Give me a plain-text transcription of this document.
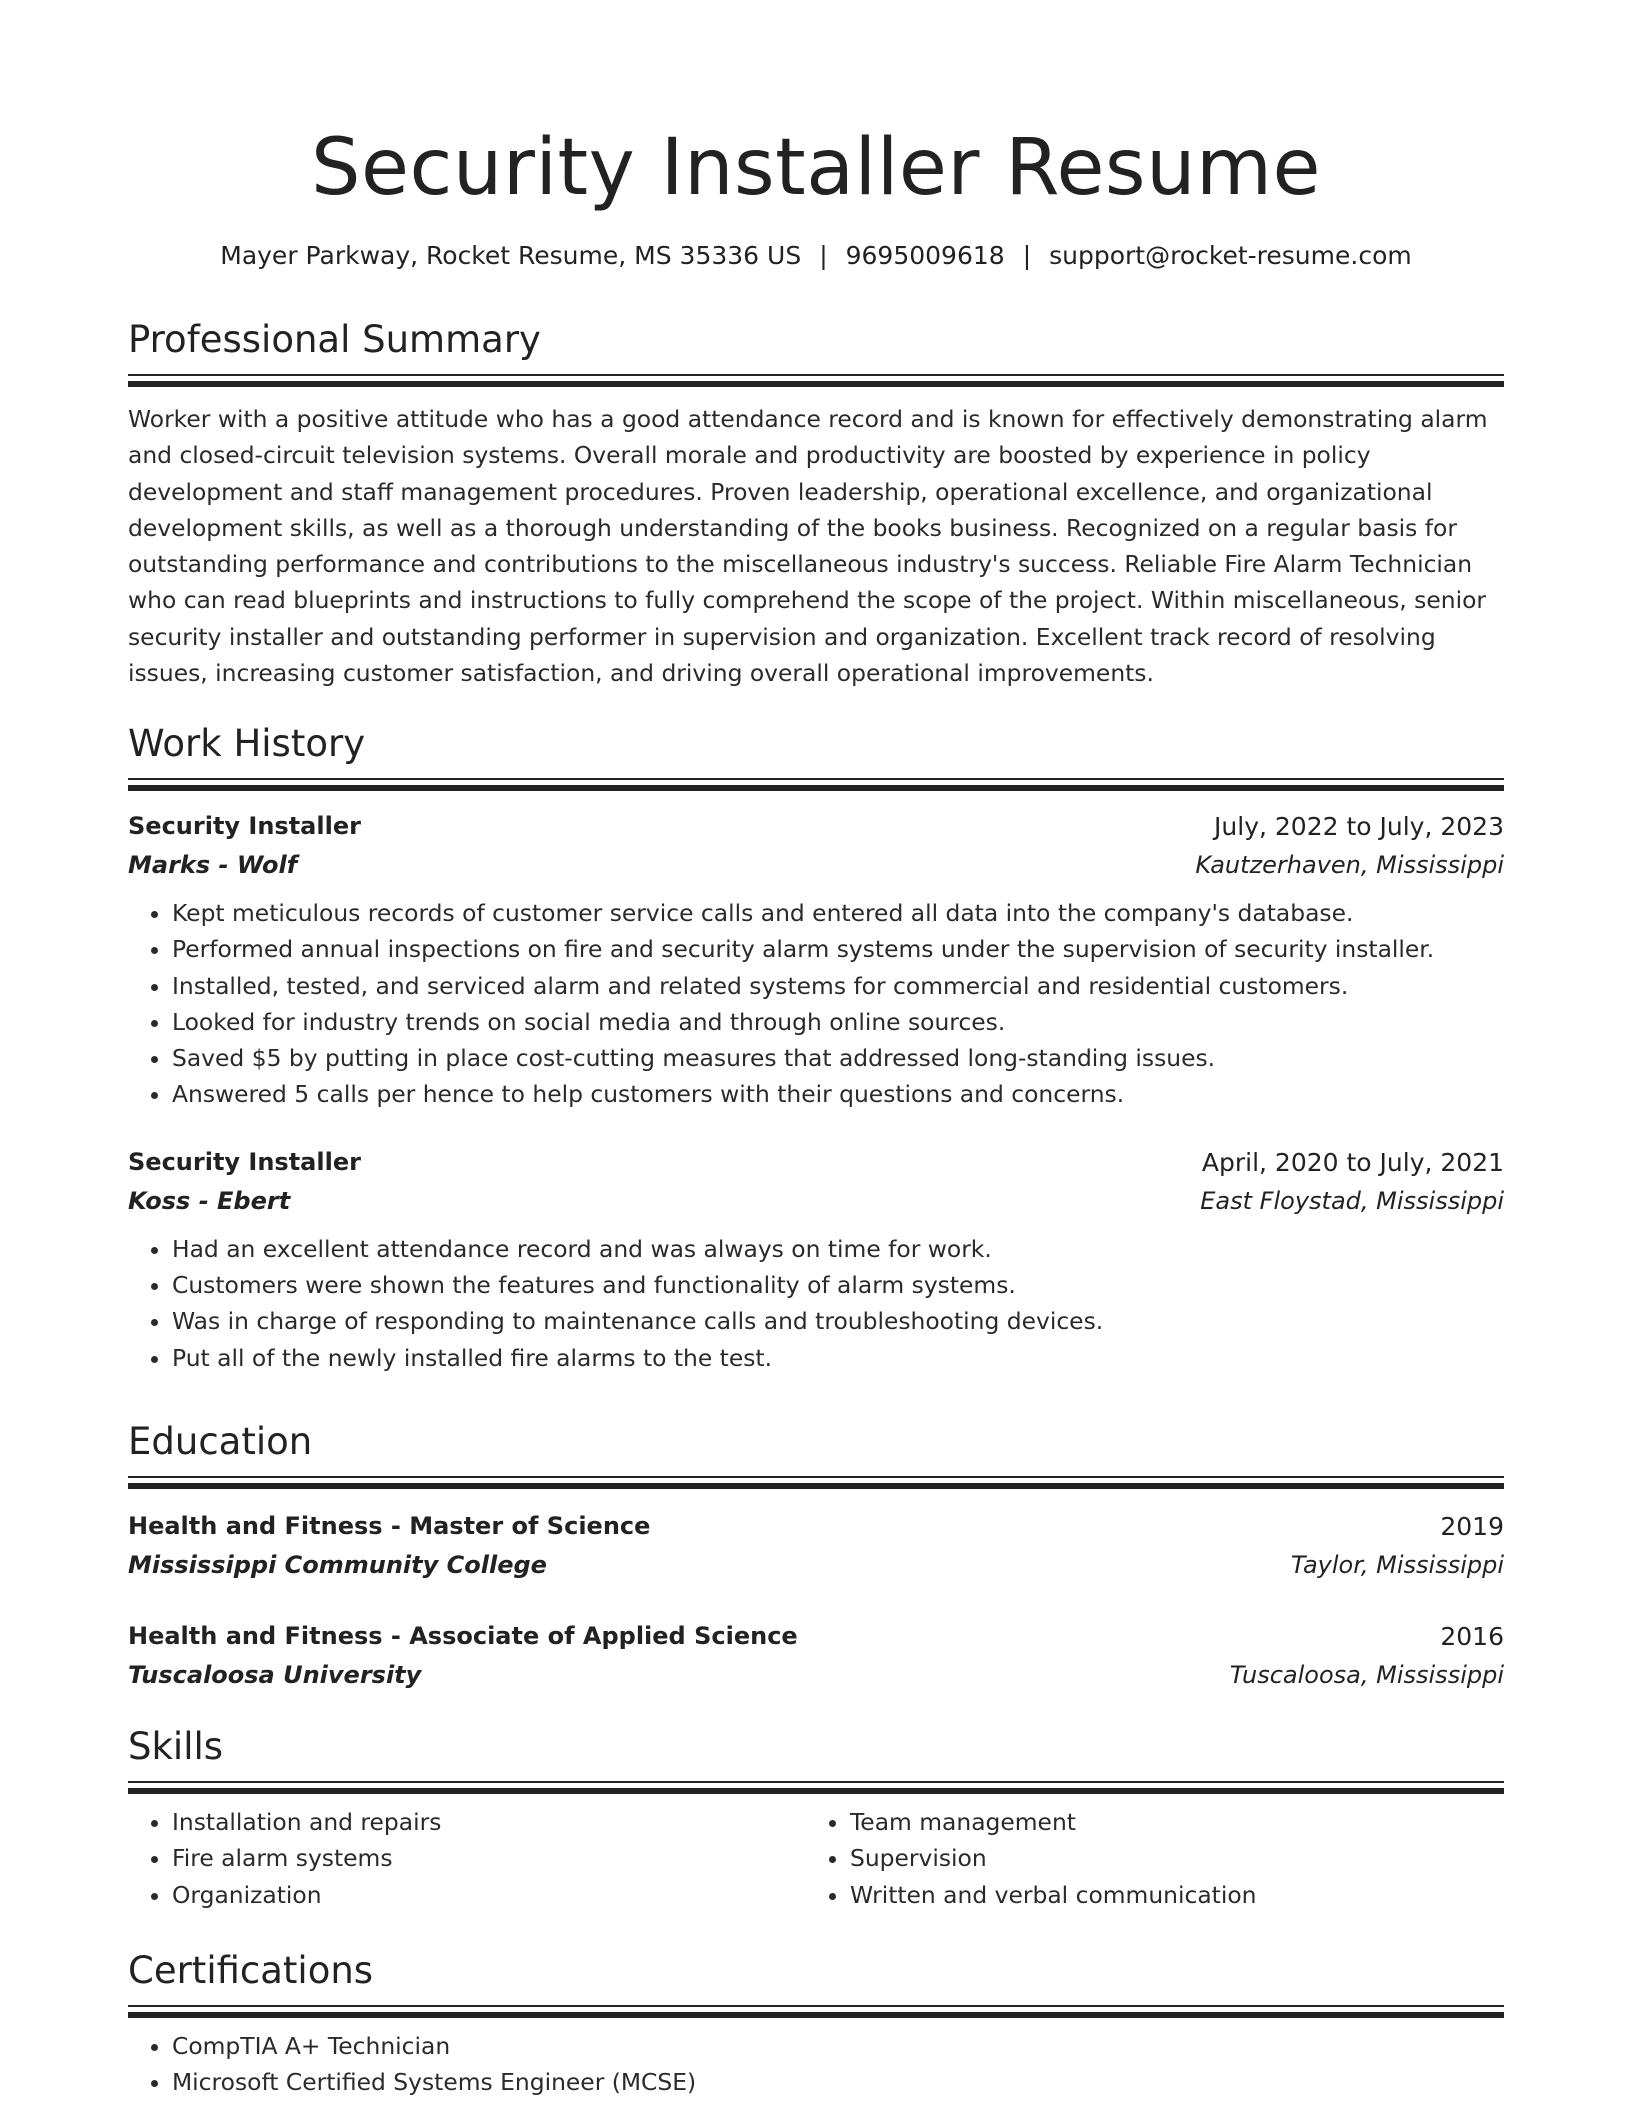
Security Installer Resume
Mayer Parkway, Rocket Resume, MS 35336 US | 9695009618 | support@rocket-resume.com
Professional Summary
Worker with a positive attitude who has a good attendance record and is known for effectively demonstrating alarm and closed-circuit television systems. Overall morale and productivity are boosted by experience in policy development and staff management procedures. Proven leadership, operational excellence, and organizational development skills, as well as a thorough understanding of the books business. Recognized on a regular basis for outstanding performance and contributions to the miscellaneous industry's success. Reliable Fire Alarm Technician who can read blueprints and instructions to fully comprehend the scope of the project. Within miscellaneous, senior security installer and outstanding performer in supervision and organization. Excellent track record of resolving issues, increasing customer satisfaction, and driving overall operational improvements.
Work History
Security Installer	July, 2022 to July, 2023
Marks - Wolf	Kautzerhaven, Mississippi
• Kept meticulous records of customer service calls and entered all data into the company's database.
• Performed annual inspections on fire and security alarm systems under the supervision of security installer.
• Installed, tested, and serviced alarm and related systems for commercial and residential customers.
• Looked for industry trends on social media and through online sources.
• Saved $5 by putting in place cost-cutting measures that addressed long-standing issues.
• Answered 5 calls per hence to help customers with their questions and concerns.
Security Installer	April, 2020 to July, 2021
Koss - Ebert	East Floystad, Mississippi
• Had an excellent attendance record and was always on time for work.
• Customers were shown the features and functionality of alarm systems.
• Was in charge of responding to maintenance calls and troubleshooting devices.
• Put all of the newly installed fire alarms to the test.
Education
Health and Fitness - Master of Science	2019
Mississippi Community College	Taylor, Mississippi
Health and Fitness - Associate of Applied Science	2016
Tuscaloosa University	Tuscaloosa, Mississippi
Skills
• Installation and repairs
• Fire alarm systems
• Organization
• Team management
• Supervision
• Written and verbal communication
Certifications
• CompTIA A+ Technician
• Microsoft Certified Systems Engineer (MCSE)
